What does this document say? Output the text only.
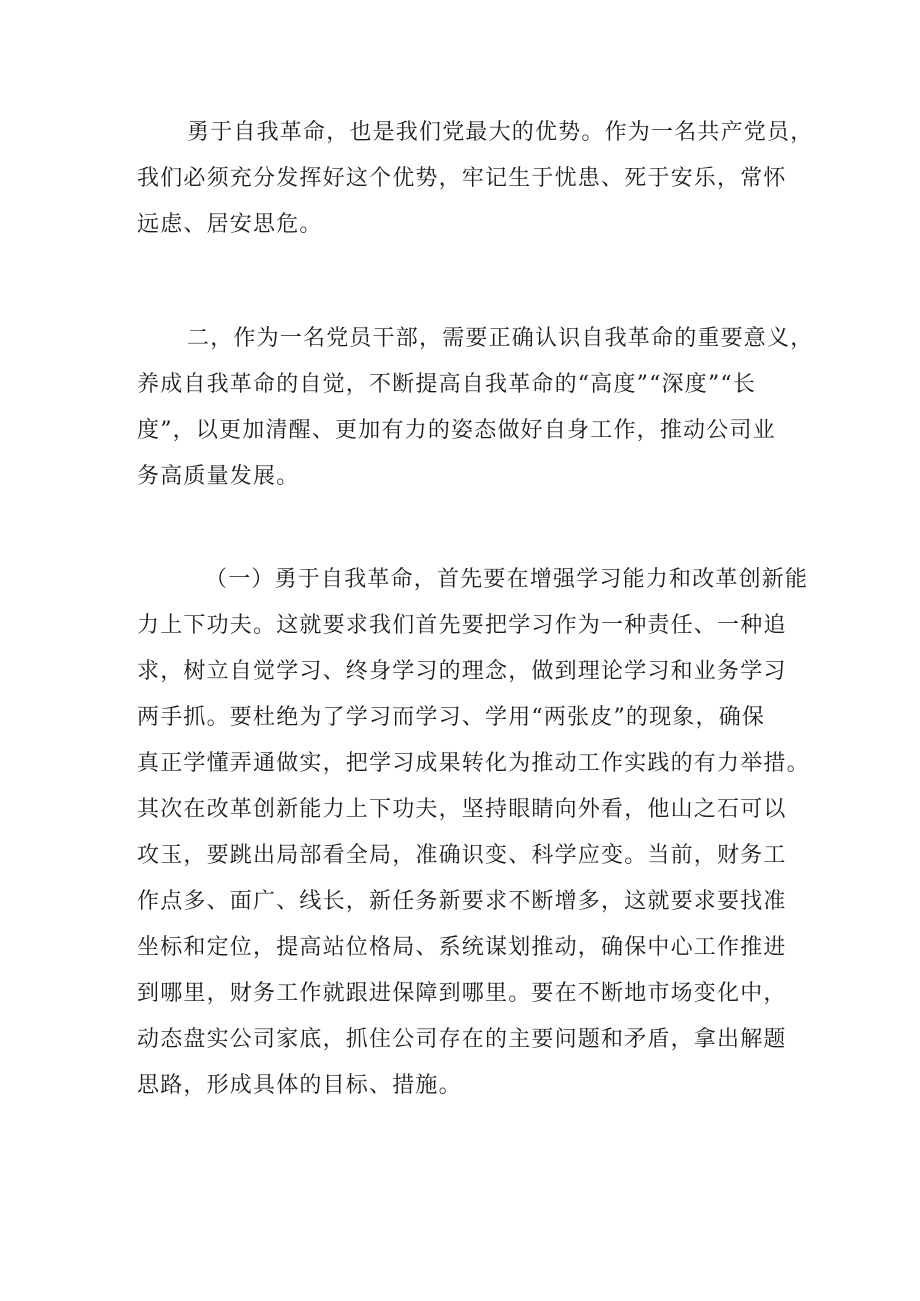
勇于自我革命，也是我们党最大的优势。作为一名共产党员，
我们必须充分发挥好这个优势，牢记生于忧患、死于安乐，常怀
远虑、居安思危。

二，作为一名党员干部，需要正确认识自我革命的重要意义，
养成自我革命的自觉，不断提高自我革命的“高度”“深度”“长
度”，以更加清醒、更加有力的姿态做好自身工作，推动公司业
务高质量发展。

（一）勇于自我革命，首先要在增强学习能力和改革创新能
力上下功夫。这就要求我们首先要把学习作为一种责任、一种追
求，树立自觉学习、终身学习的理念，做到理论学习和业务学习
两手抓。要杜绝为了学习而学习、学用“两张皮”的现象，确保
真正学懂弄通做实，把学习成果转化为推动工作实践的有力举措。
其次在改革创新能力上下功夫，坚持眼睛向外看，他山之石可以
攻玉，要跳出局部看全局，准确识变、科学应变。当前，财务工
作点多、面广、线长，新任务新要求不断增多，这就要求要找准
坐标和定位，提高站位格局、系统谋划推动，确保中心工作推进
到哪里，财务工作就跟进保障到哪里。要在不断地市场变化中，
动态盘实公司家底，抓住公司存在的主要问题和矛盾，拿出解题
思路，形成具体的目标、措施。
